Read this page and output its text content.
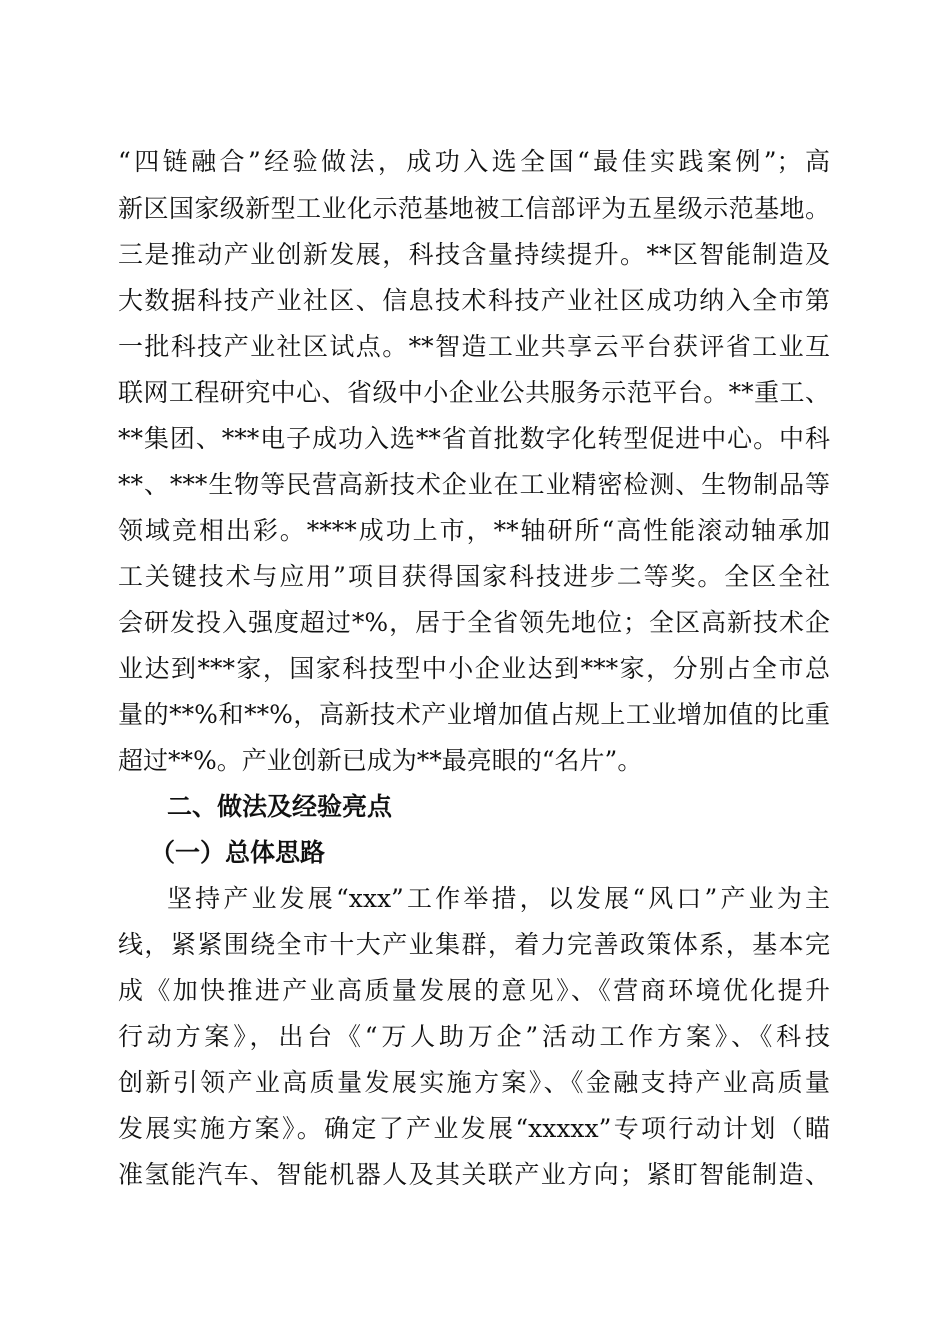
“四链融合”经验做法，成功入选全国“最佳实践案例”；高

新区国家级新型工业化示范基地被工信部评为五星级示范基地。

三是推动产业创新发展，科技含量持续提升。**区智能制造及

大数据科技产业社区、信息技术科技产业社区成功纳入全市第

一批科技产业社区试点。**智造工业共享云平台获评省工业互

联网工程研究中心、省级中小企业公共服务示范平台。**重工、

**集团、***电子成功入选**省首批数字化转型促进中心。中科

**、***生物等民营高新技术企业在工业精密检测、生物制品等

领域竞相出彩。****成功上市，**轴研所“高性能滚动轴承加

工关键技术与应用”项目获得国家科技进步二等奖。全区全社

会研发投入强度超过*%，居于全省领先地位；全区高新技术企

业达到***家，国家科技型中小企业达到***家，分别占全市总

量的**%和**%，高新技术产业增加值占规上工业增加值的比重

超过**%。产业创新已成为**最亮眼的“名片”。

二、做法及经验亮点
（一）总体思路

坚持产业发展“xxx”工作举措，以发展“风口”产业为主

线，紧紧围绕全市十大产业集群，着力完善政策体系，基本完

成《加快推进产业高质量发展的意见》、《营商环境优化提升

行动方案》，出台《“万人助万企”活动工作方案》、《科技

创新引领产业高质量发展实施方案》、《金融支持产业高质量

发展实施方案》。确定了产业发展“xxxxx”专项行动计划（瞄

准氢能汽车、智能机器人及其关联产业方向；紧盯智能制造、
